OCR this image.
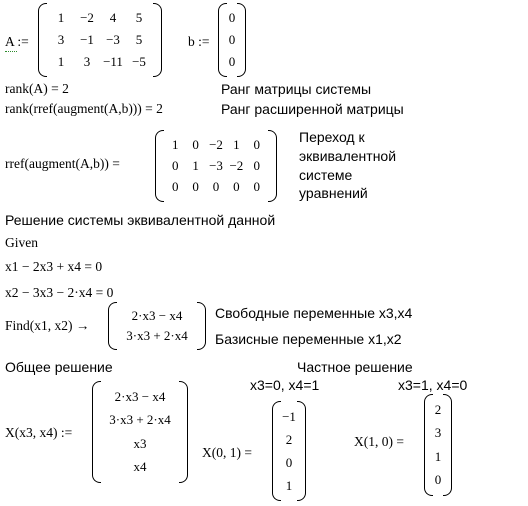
A :=
1	−2	4	5
3	−1 −3	5
1	3 −11 −5
b :=
0
0
0
rank(A) = 2	Ранг матрицы системы
rank(rref(augment(A,b))) = 2	Ранг расширенной матрицы
rref(augment(A,b)) =
1	0 −2 1	0
0	1 −3 −2 0
0	0	0	0	0
Переход к
эквивалентной
системе
уравнений
Решение системы эквивалентной данной
Given
x1 − 2x3 + x4 = 0
x2 − 3x3 − 2·x4 = 0
Find(x1, x2) →
2·x3 − x4
3·x3 + 2·x4
Свободные переменные x3,x4
Базисные переменные x1,x2
Общее решение
X(x3, x4) :=
2·x3 − x4
3·x3 + 2·x4
x3
x4
Частное решение
x3=0, x4=1	x3=1, x4=0
X(0, 1) =
−1
2
0
1
X(1, 0) =
2
3
1
0
